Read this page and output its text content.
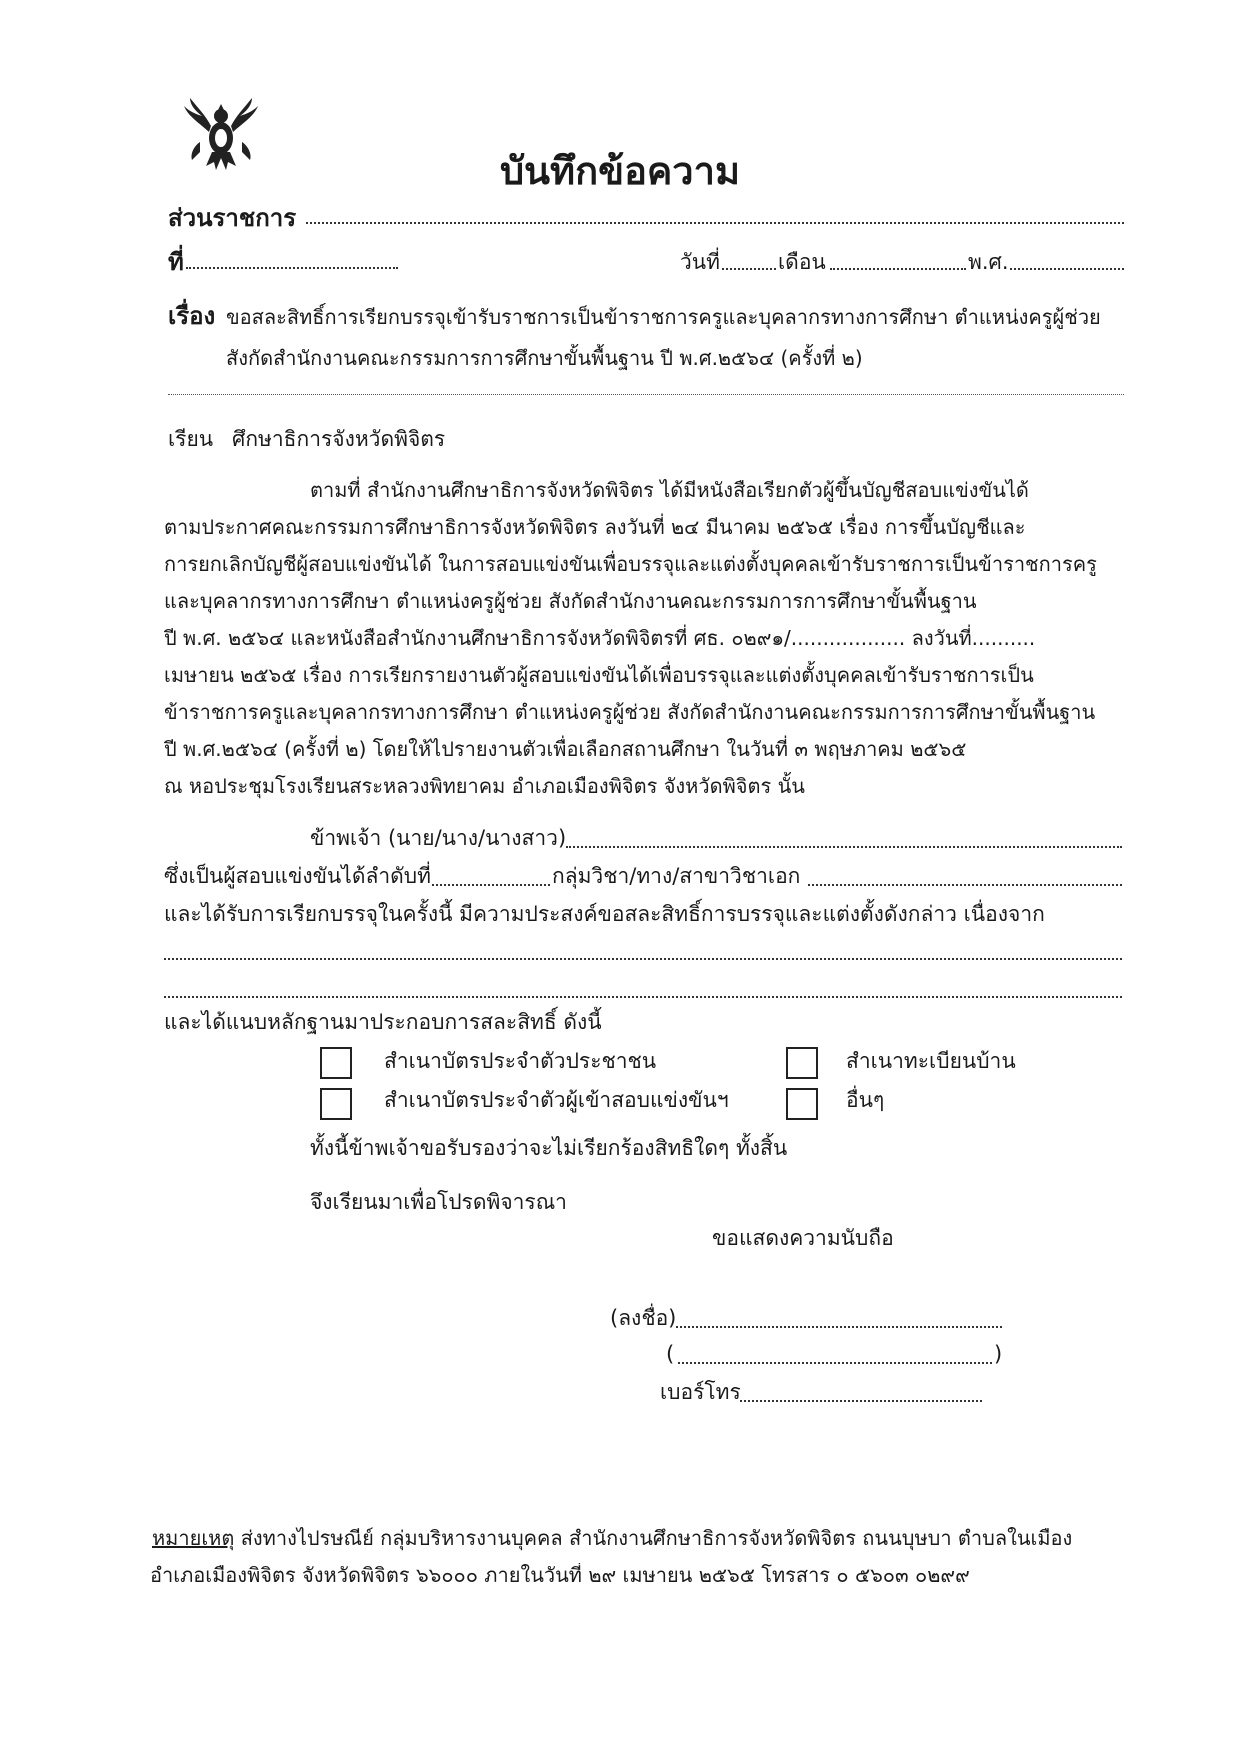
บันทึกข้อความ
ส่วนราชการ
ที่	วันที่	เดือน	พ.ศ.
เรื่อง ขอสละสิทธิ์การเรียกบรรจุเข้ารับราชการเป็นข้าราชการครูและบุคลากรทางการศึกษา ตำแหน่งครูผู้ช่วย
สังกัดสำนักงานคณะกรรมการการศึกษาขั้นพื้นฐาน ปี พ.ศ.๒๕๖๔ (ครั้งที่ ๒)
เรียน ศึกษาธิการจังหวัดพิจิตร
ตามที่ สำนักงานศึกษาธิการจังหวัดพิจิตร ได้มีหนังสือเรียกตัวผู้ขึ้นบัญชีสอบแข่งขันได้
ตามประกาศคณะกรรมการศึกษาธิการจังหวัดพิจิตร ลงวันที่ ๒๔ มีนาคม ๒๕๖๕ เรื่อง การขึ้นบัญชีและ
การยกเลิกบัญชีผู้สอบแข่งขันได้ ในการสอบแข่งขันเพื่อบรรจุและแต่งตั้งบุคคลเข้ารับราชการเป็นข้าราชการครู
และบุคลากรทางการศึกษา ตำแหน่งครูผู้ช่วย สังกัดสำนักงานคณะกรรมการการศึกษาขั้นพื้นฐาน
ปี พ.ศ. ๒๕๖๔ และหนังสือสำนักงานศึกษาธิการจังหวัดพิจิตรที่ ศธ. ๐๒๙๑/.................. ลงวันที่..........
เมษายน ๒๕๖๕ เรื่อง การเรียกรายงานตัวผู้สอบแข่งขันได้เพื่อบรรจุและแต่งตั้งบุคคลเข้ารับราชการเป็น
ข้าราชการครูและบุคลากรทางการศึกษา ตำแหน่งครูผู้ช่วย สังกัดสำนักงานคณะกรรมการการศึกษาขั้นพื้นฐาน
ปี พ.ศ.๒๕๖๔ (ครั้งที่ ๒) โดยให้ไปรายงานตัวเพื่อเลือกสถานศึกษา ในวันที่ ๓ พฤษภาคม ๒๕๖๕
ณ หอประชุมโรงเรียนสระหลวงพิทยาคม อำเภอเมืองพิจิตร จังหวัดพิจิตร นั้น
ข้าพเจ้า (นาย/นาง/นางสาว)
ซึ่งเป็นผู้สอบแข่งขันได้ลำดับที่	กลุ่มวิชา/ทาง/สาขาวิชาเอก
และได้รับการเรียกบรรจุในครั้งนี้ มีความประสงค์ขอสละสิทธิ์การบรรจุและแต่งตั้งดังกล่าว เนื่องจาก
และได้แนบหลักฐานมาประกอบการสละสิทธิ์ ดังนี้
สำเนาบัตรประจำตัวประชาชน	สำเนาทะเบียนบ้าน
สำเนาบัตรประจำตัวผู้เข้าสอบแข่งขันฯ	อื่นๆ
ทั้งนี้ข้าพเจ้าขอรับรองว่าจะไม่เรียกร้องสิทธิใดๆ ทั้งสิ้น
จึงเรียนมาเพื่อโปรดพิจารณา
ขอแสดงความนับถือ
(ลงชื่อ)
(	)
เบอร์โทร
หมายเหตุ ส่งทางไปรษณีย์ กลุ่มบริหารงานบุคคล สำนักงานศึกษาธิการจังหวัดพิจิตร ถนนบุษบา ตำบลในเมือง
อำเภอเมืองพิจิตร จังหวัดพิจิตร ๖๖๐๐๐ ภายในวันที่ ๒๙ เมษายน ๒๕๖๕ โทรสาร ๐ ๕๖๐๓ ๐๒๙๙
